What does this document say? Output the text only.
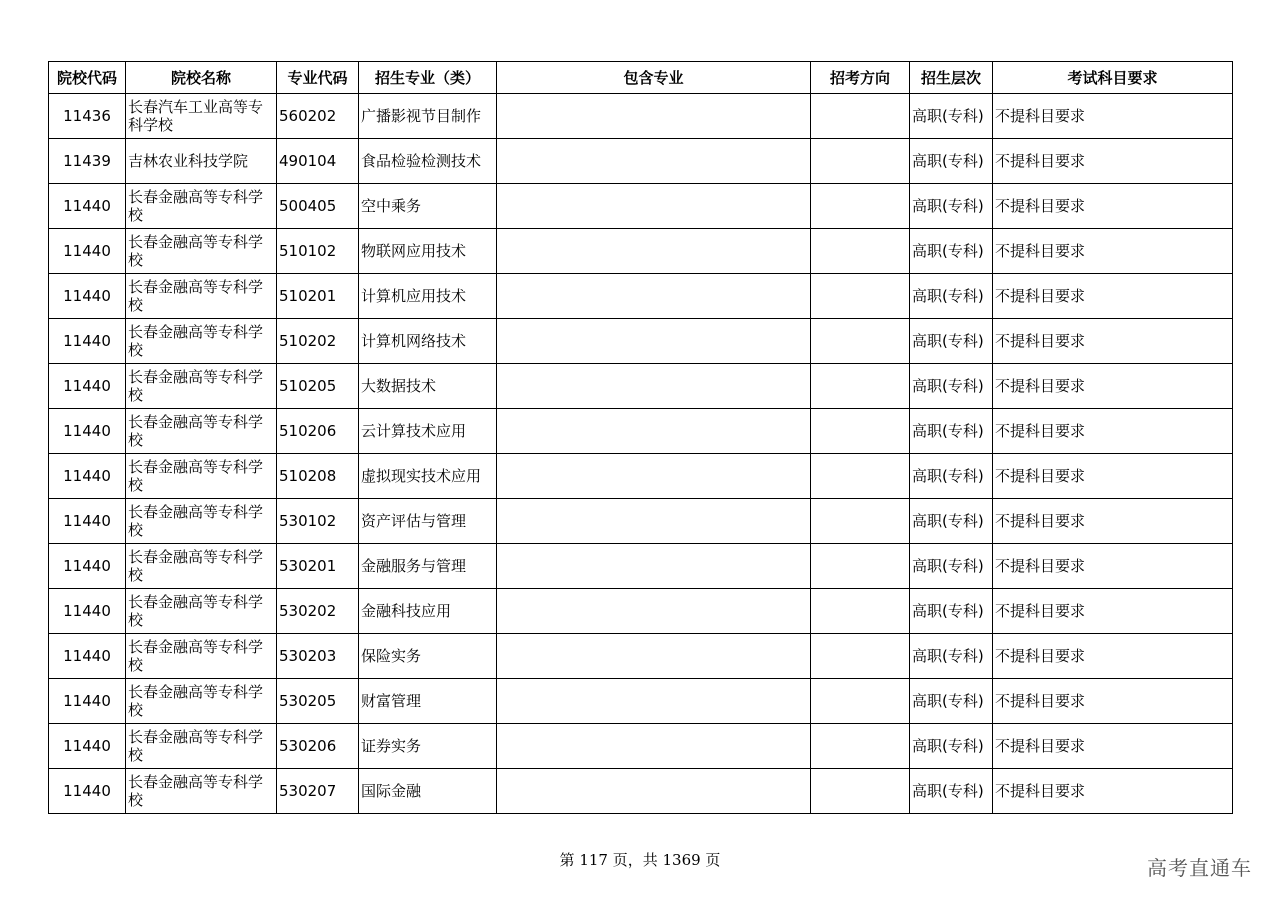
院校代码	院校名称	专业代码	招生专业（类）	包含专业	招考方向	招生层次	考试科目要求
11436	长春汽车工业高等专科学校	560202	广播影视节目制作			高职(专科)	不提科目要求
11439	吉林农业科技学院	490104	食品检验检测技术			高职(专科)	不提科目要求
11440	长春金融高等专科学校	500405	空中乘务			高职(专科)	不提科目要求
11440	长春金融高等专科学校	510102	物联网应用技术			高职(专科)	不提科目要求
11440	长春金融高等专科学校	510201	计算机应用技术			高职(专科)	不提科目要求
11440	长春金融高等专科学校	510202	计算机网络技术			高职(专科)	不提科目要求
11440	长春金融高等专科学校	510205	大数据技术			高职(专科)	不提科目要求
11440	长春金融高等专科学校	510206	云计算技术应用			高职(专科)	不提科目要求
11440	长春金融高等专科学校	510208	虚拟现实技术应用			高职(专科)	不提科目要求
11440	长春金融高等专科学校	530102	资产评估与管理			高职(专科)	不提科目要求
11440	长春金融高等专科学校	530201	金融服务与管理			高职(专科)	不提科目要求
11440	长春金融高等专科学校	530202	金融科技应用			高职(专科)	不提科目要求
11440	长春金融高等专科学校	530203	保险实务			高职(专科)	不提科目要求
11440	长春金融高等专科学校	530205	财富管理			高职(专科)	不提科目要求
11440	长春金融高等专科学校	530206	证券实务			高职(专科)	不提科目要求
11440	长春金融高等专科学校	530207	国际金融			高职(专科)	不提科目要求
第 117 页，共 1369 页	高考直通车
